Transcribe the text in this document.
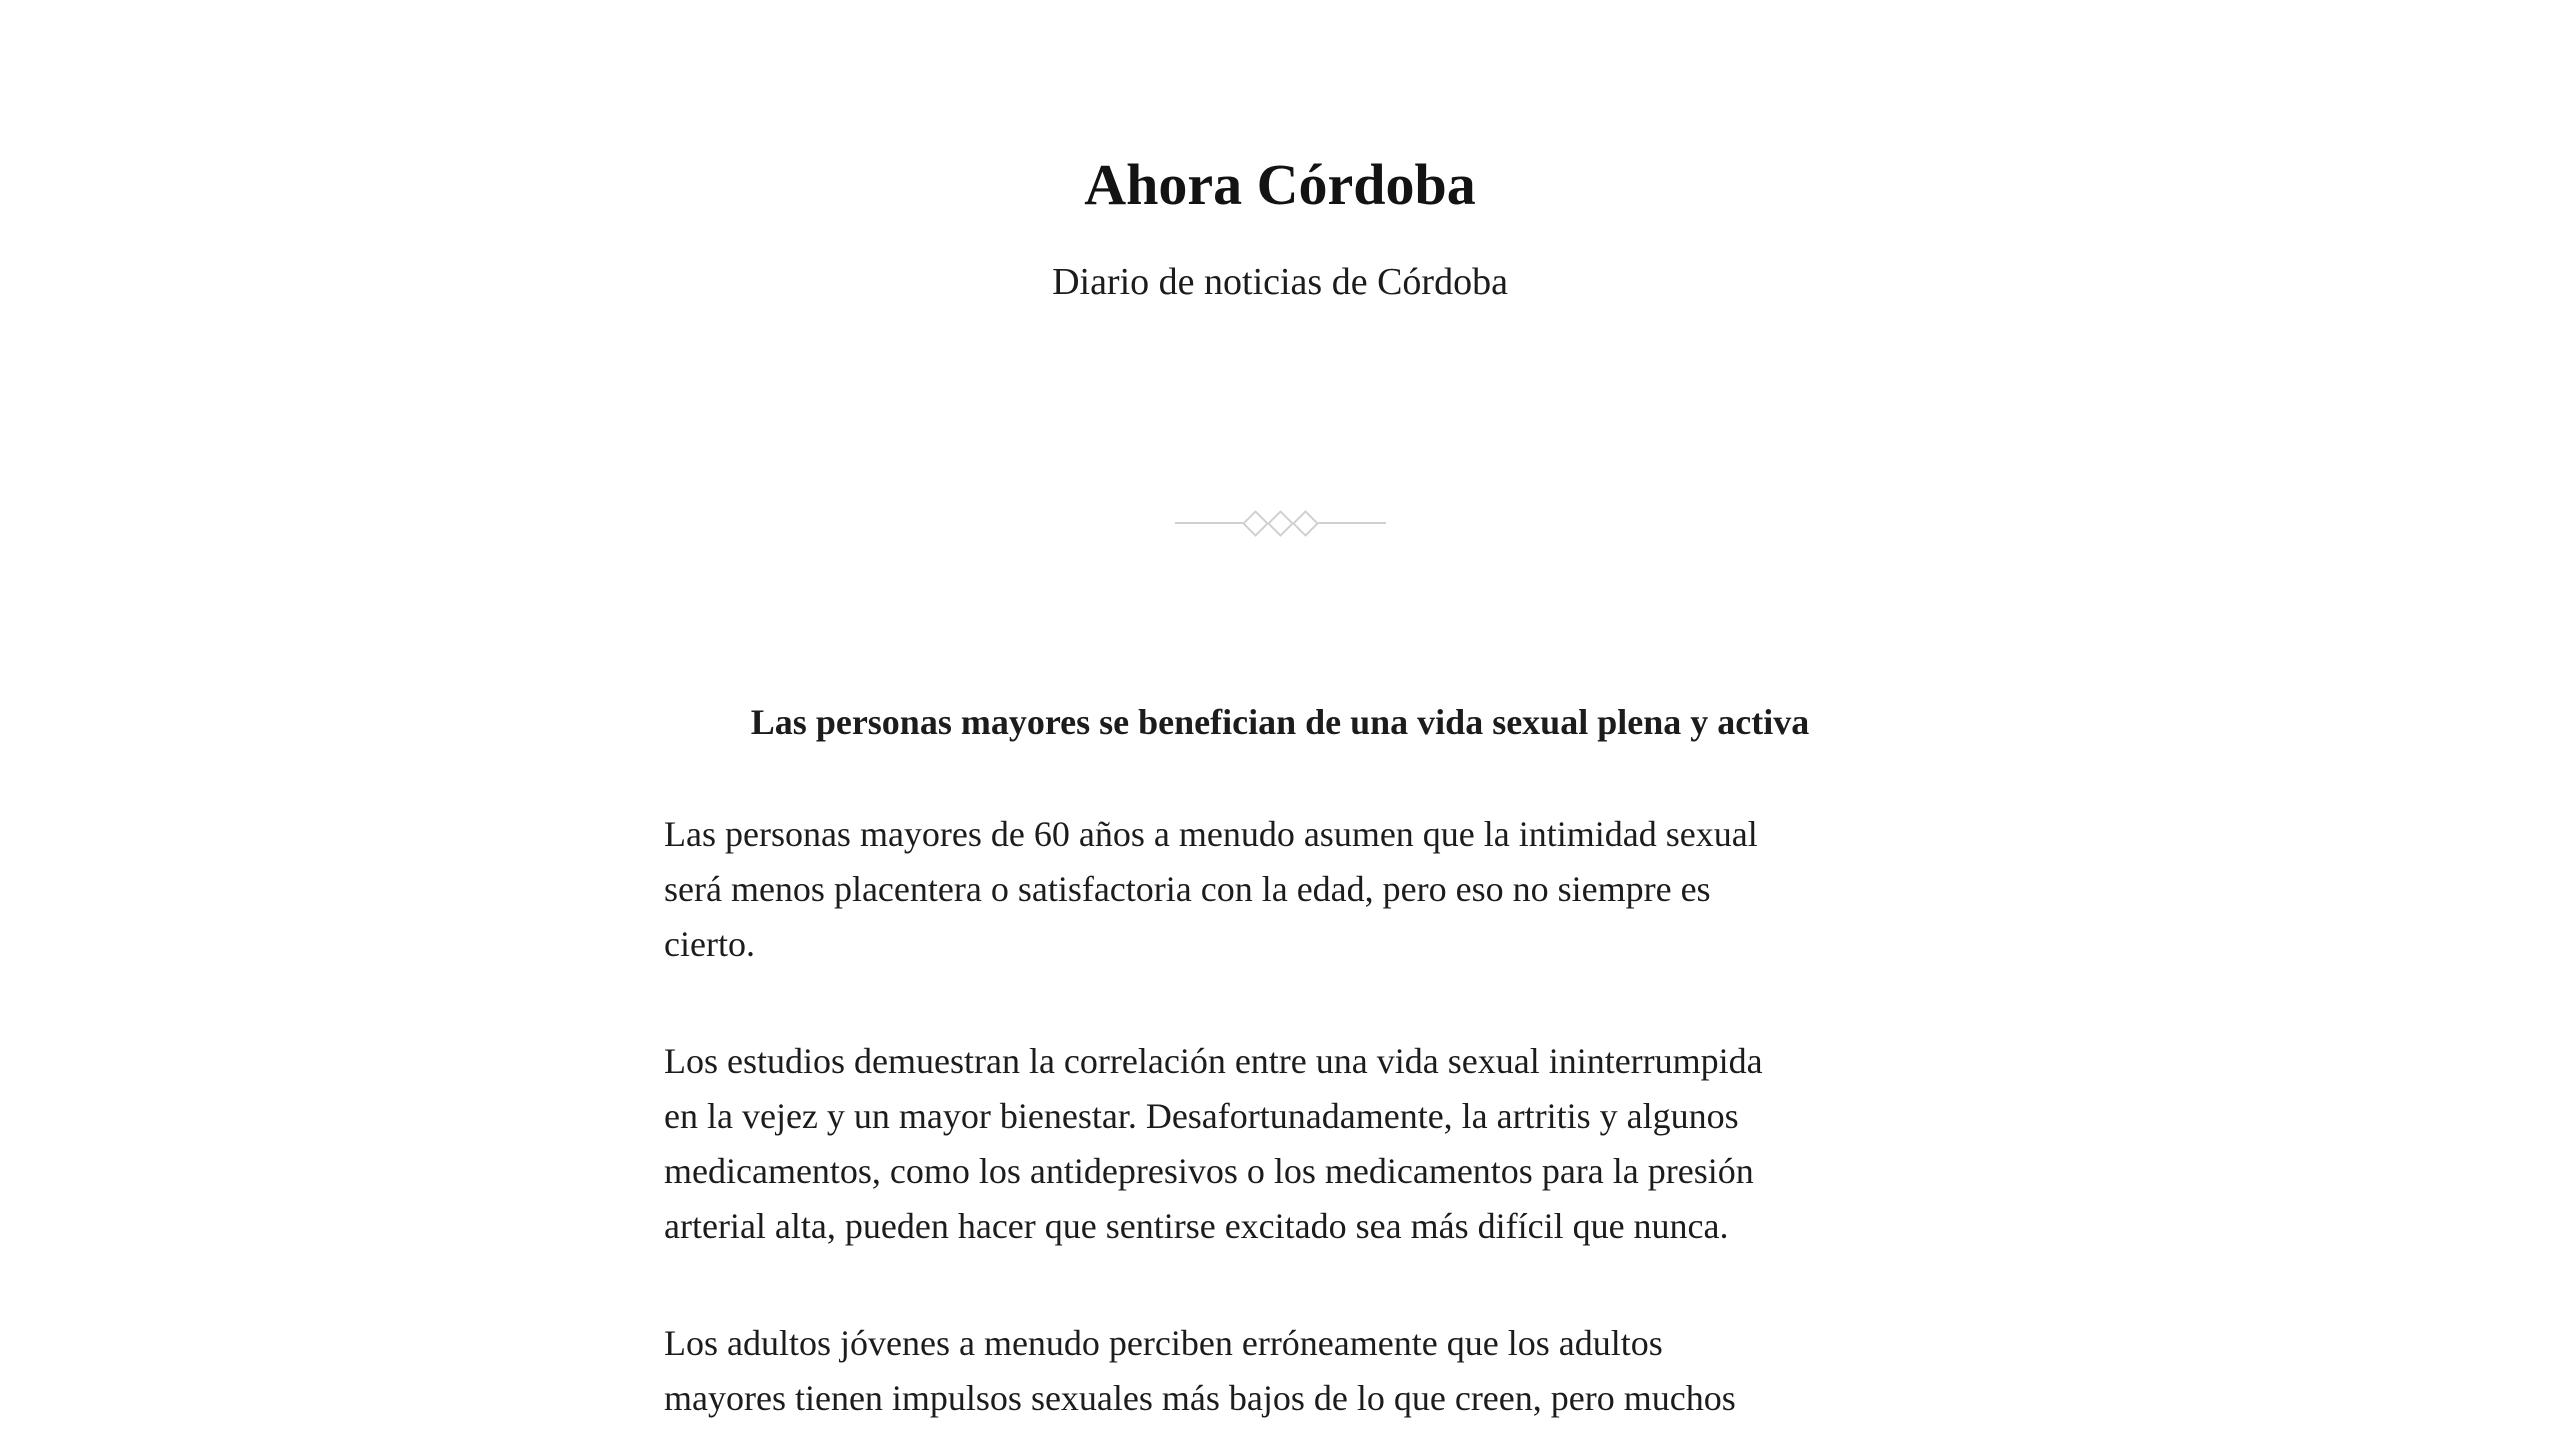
Ahora Córdoba

Diario de noticias de Córdoba

Las personas mayores se benefician de una vida sexual plena y activa

Las personas mayores de 60 años a menudo asumen que la intimidad sexual
será menos placentera o satisfactoria con la edad, pero eso no siempre es
cierto.

Los estudios demuestran la correlación entre una vida sexual ininterrumpida
en la vejez y un mayor bienestar. Desafortunadamente, la artritis y algunos
medicamentos, como los antidepresivos o los medicamentos para la presión
arterial alta, pueden hacer que sentirse excitado sea más difícil que nunca.

Los adultos jóvenes a menudo perciben erróneamente que los adultos
mayores tienen impulsos sexuales más bajos de lo que creen, pero muchos
